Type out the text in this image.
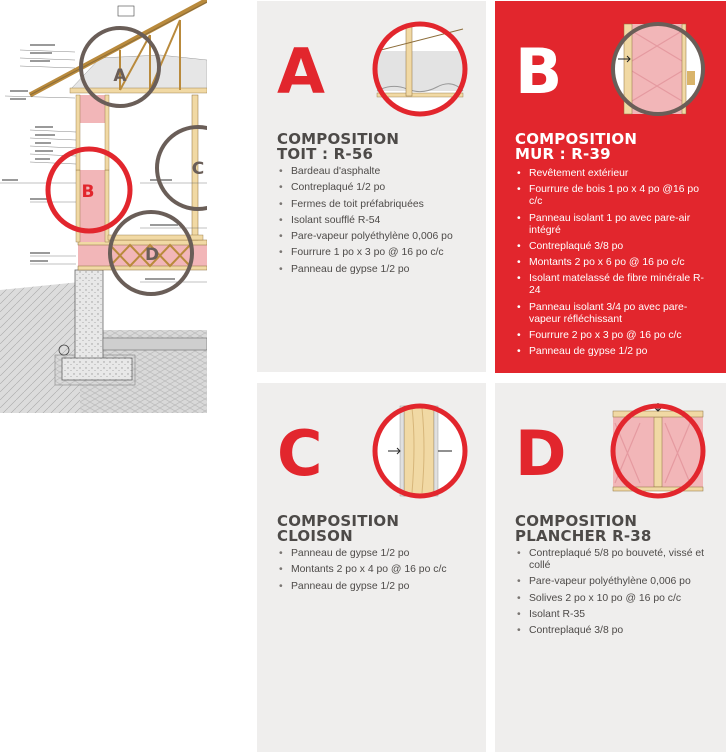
A
C
B
D
A
COMPOSITION
TOIT : R-56
• Bardeau d'asphalte
• Contreplaqué 1/2 po
• Fermes de toit préfabriquées
• Isolant soufflé R-54
• Pare-vapeur polyéthylène 0,006 po
• Fourrure 1 po x 3 po @ 16 po c/c
• Panneau de gypse 1/2 po
B
COMPOSITION
MUR : R-39
• Revêtement extérieur
• Fourrure de bois 1 po x 4 po @16 po c/c
• Panneau isolant 1 po avec pare-air intégré
• Contreplaqué 3/8 po
• Montants 2 po x 6 po @ 16 po c/c
• Isolant matelassé de fibre minérale R-24
• Panneau isolant 3/4 po avec pare-vapeur réfléchissant
• Fourrure 2 po x 3 po @ 16 po c/c
• Panneau de gypse 1/2 po
C
COMPOSITION
CLOISON
• Panneau de gypse 1/2 po
• Montants 2 po x 4 po @ 16 po c/c
• Panneau de gypse 1/2 po
D
COMPOSITION
PLANCHER R-38
• Contreplaqué 5/8 po bouveté, vissé et collé
• Pare-vapeur polyéthylène 0,006 po
• Solives 2 po x 10 po @ 16 po c/c
• Isolant R-35
• Contreplaqué 3/8 po
